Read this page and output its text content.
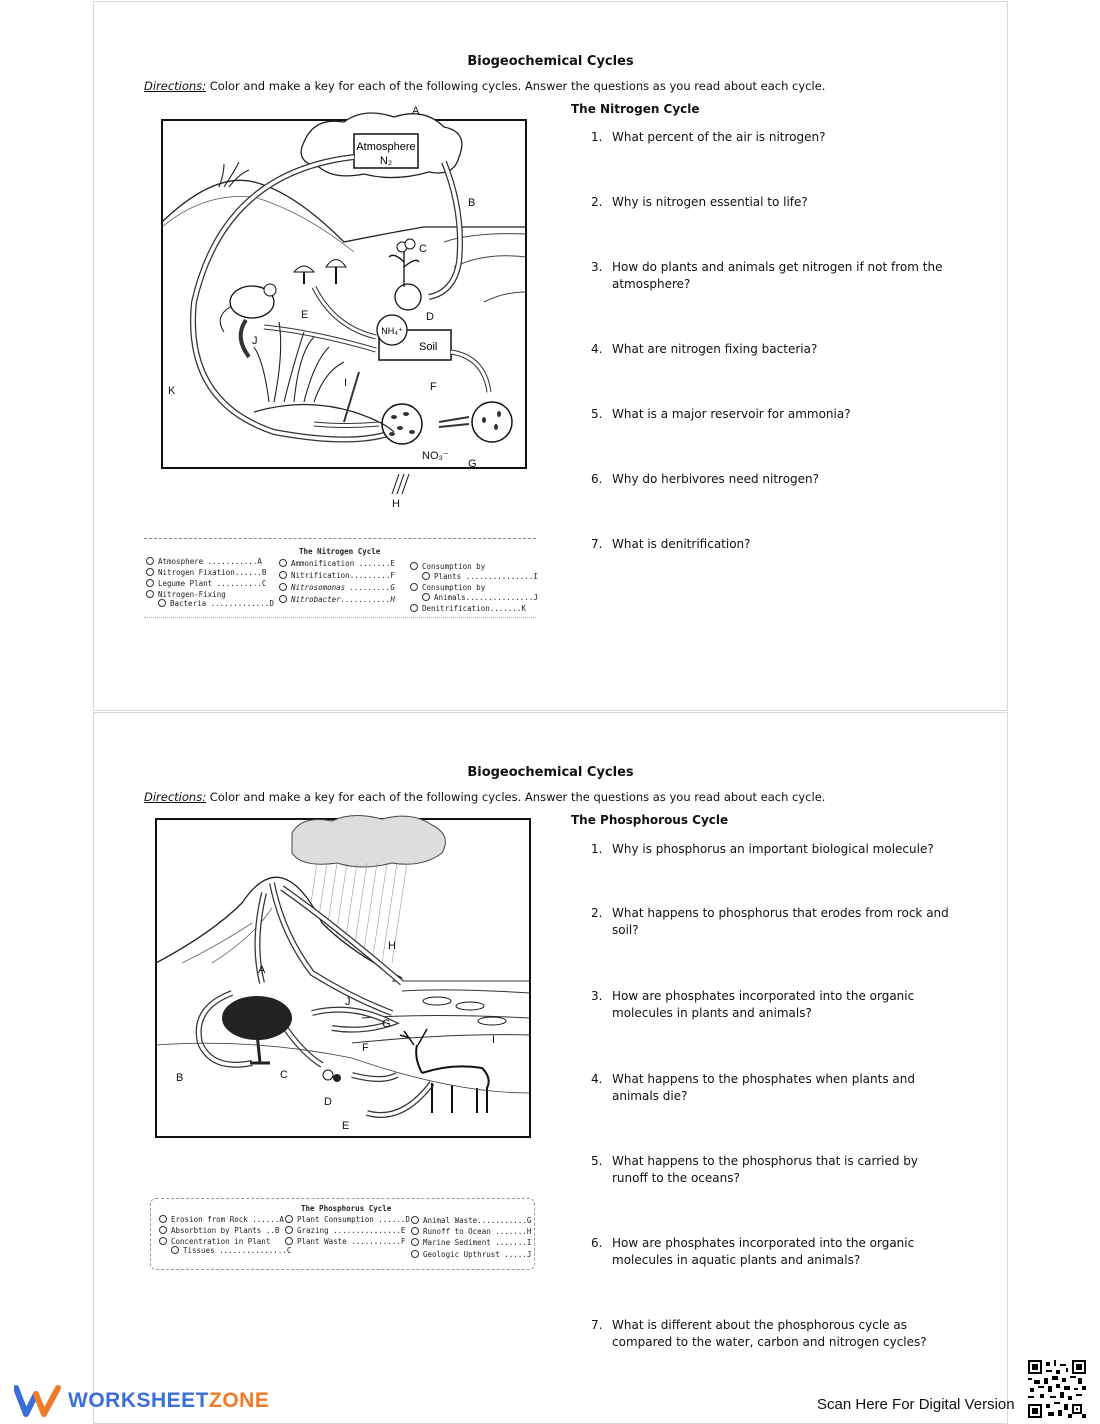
Biogeochemical Cycles
Directions: Color and make a key for each of the following cycles. Answer the questions as you read about each cycle.
Atmosphere
N₂
Soil
NH₄⁺
A
B
C
D
E
F
G
H
I
J
K
NO₃⁻
The Nitrogen Cycle
Atmosphere ...........A
Nitrogen Fixation......B
Legume Plant ..........C
Nitrogen-Fixing
Bacteria .............D
Ammonification .......E
Nitrification.........F
Nitrosomonas .........G
Nitrobacter...........H
Consumption by
Plants ...............I
Consumption by
Animals...............J
Denitrification.......K
The Nitrogen Cycle
1. What percent of the air is nitrogen?
2. Why is nitrogen essential to life?
3. How do plants and animals get nitrogen if not from the atmosphere?
4. What are nitrogen fixing bacteria?
5. What is a major reservoir for ammonia?
6. Why do herbivores need nitrogen?
7. What is denitrification?
Biogeochemical Cycles
Directions: Color and make a key for each of the following cycles. Answer the questions as you read about each cycle.
A
B	C
D
E
F
G
H
I
J
The Phosphorus Cycle
Erosion from Rock ......A
Absorbtion by Plants ..B
Concentration in Plant
Tissues ...............C
Plant Consumption ......D
Grazing ...............E
Plant Waste ...........F
Animal Waste...........G
Runoff to Ocean .......H
Marine Sediment .......I
Geologic Upthrust .....J
The Phosphorous Cycle
1. Why is phosphorus an important biological molecule?
2. What happens to phosphorus that erodes from rock and soil?
3. How are phosphates incorporated into the organic molecules in plants and animals?
4. What happens to the phosphates when plants and animals die?
5. What happens to the phosphorus that is carried by runoff to the oceans?
6. How are phosphates incorporated into the organic molecules in aquatic plants and animals?
7. What is different about the phosphorous cycle as compared to the water, carbon and nitrogen cycles?
WORKSHEETZONE	Scan Here For Digital Version
